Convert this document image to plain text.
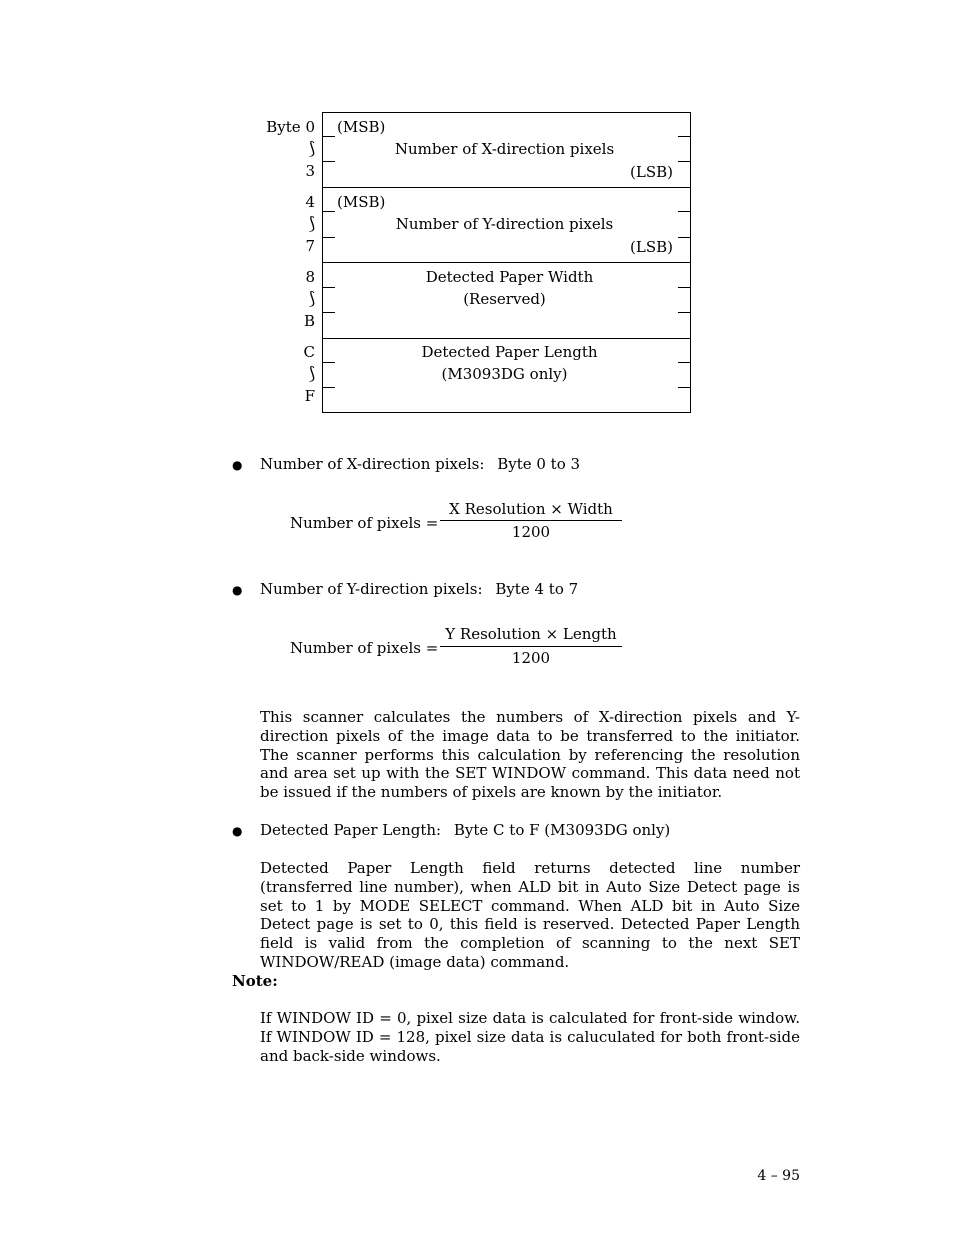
Byte 0
⟆
3
4
⟆
7
8
⟆
B
C
⟆
F
(MSB)
Number of X-direction pixels
(LSB)
(MSB)
Number of Y-direction pixels
(LSB)
Detected Paper Width
(Reserved)
Detected Paper Length
(M3093DG only)
● Number of X-direction pixels: Byte 0 to 3
Number of pixels =
X Resolution × Width
1200
● Number of Y-direction pixels: Byte 4 to 7
Number of pixels =
Y Resolution × Length
1200
This scanner calculates the numbers of X-direction pixels and Y-direction pixels of the image data to be transferred to the initiator. The scanner performs this calculation by referencing the resolution and area set up with the SET WINDOW command. This data need not be issued if the numbers of pixels are known by the initiator.
● Detected Paper Length: Byte C to F (M3093DG only)
Detected Paper Length field returns detected line number (transferred line number), when ALD bit in Auto Size Detect page is set to 1 by MODE SELECT command. When ALD bit in Auto Size Detect page is set to 0, this field is reserved. Detected Paper Length field is valid from the completion of scanning to the next SET WINDOW/READ (image data) command.
Note:
If WINDOW ID = 0, pixel size data is calculated for front-side window. If WINDOW ID = 128, pixel size data is caluculated for both front-side and back-side windows.
4 – 95
